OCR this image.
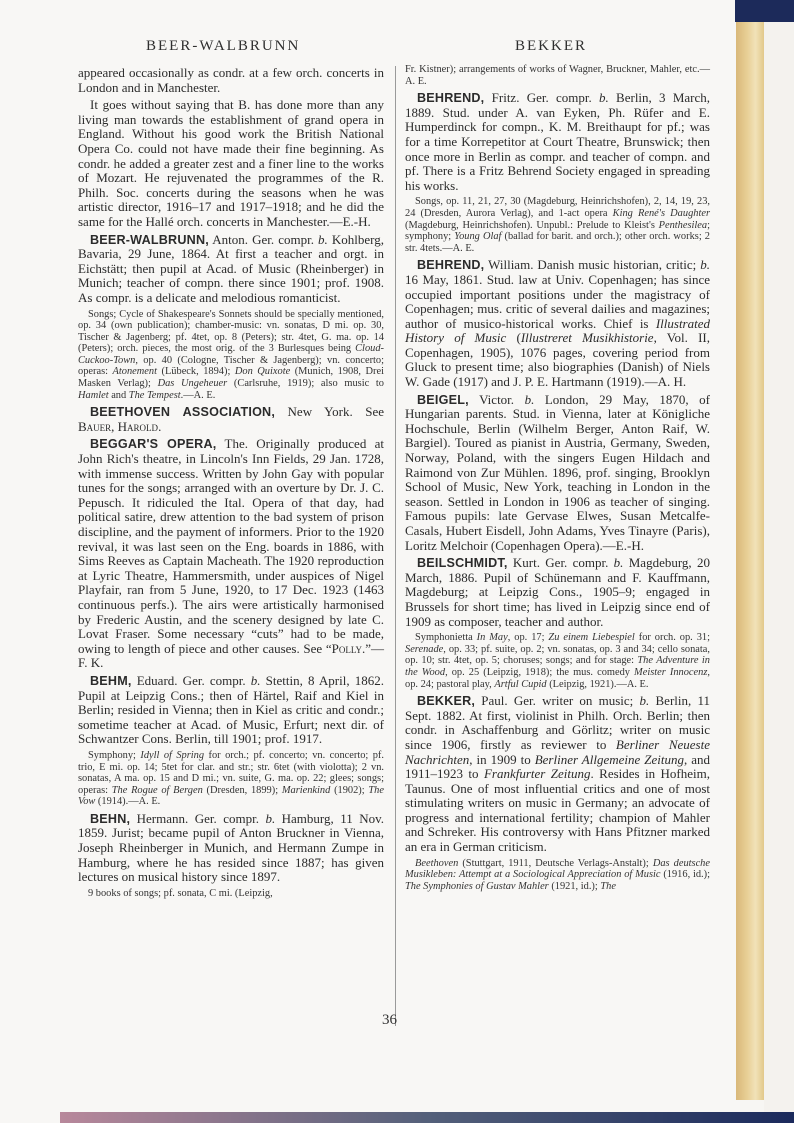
BEER-WALBRUNN	BEKKER

appeared occasionally as condr. at a few orch. concerts in London and in Manchester.

It goes without saying that B. has done more than any living man towards the establishment of grand opera in England. Without his good work the British National Opera Co. could not have made their fine beginning. As condr. he added a greater zest and a finer line to the works of Mozart. He rejuvenated the programmes of the R. Philh. Soc. concerts during the seasons when he was artistic director, 1916–17 and 1917–1918; and he did the same for the Hallé orch. concerts in Manchester.—E.-H.

BEER-WALBRUNN, Anton. Ger. compr. b. Kohlberg, Bavaria, 29 June, 1864. At first a teacher and orgt. in Eichstätt; then pupil at Acad. of Music (Rheinberger) in Munich; teacher of compn. there since 1901; prof. 1908. As compr. is a delicate and melodious romanticist.

Songs; Cycle of Shakespeare's Sonnets should be specially mentioned, op. 34 (own publication); chamber-music: vn. sonatas, D mi. op. 30, Tischer & Jagenberg; pf. 4tet, op. 8 (Peters); str. 4tet, G. ma. op. 14 (Peters); orch. pieces, the most orig. of the 3 Burlesques being Cloud-Cuckoo-Town, op. 40 (Cologne, Tischer & Jagenberg); vn. concerto; operas: Atonement (Lübeck, 1894); Don Quixote (Munich, 1908, Drei Masken Verlag); Das Ungeheuer (Carlsruhe, 1919); also music to Hamlet and The Tempest.—A. E.

BEETHOVEN ASSOCIATION, New York. See Bauer, Harold.

BEGGAR'S OPERA, The. Originally produced at John Rich's theatre, in Lincoln's Inn Fields, 29 Jan. 1728, with immense success. Written by John Gay with popular tunes for the songs; arranged with an overture by Dr. J. C. Pepusch. It ridiculed the Ital. Opera of that day, had political satire, drew attention to the bad system of prison discipline, and the payment of informers. Prior to the 1920 revival, it was last seen on the Eng. boards in 1886, with Sims Reeves as Captain Macheath. The 1920 reproduction at Lyric Theatre, Hammersmith, under auspices of Nigel Playfair, ran from 5 June, 1920, to 17 Dec. 1923 (1463 continuous perfs.). The airs were artistically harmonised by Frederic Austin, and the scenery designed by late C. Lovat Fraser. Some necessary “cuts” had to be made, owing to length of piece and other causes. See “Polly.”—F. K.

BEHM, Eduard. Ger. compr. b. Stettin, 8 April, 1862. Pupil at Leipzig Cons.; then of Härtel, Raif and Kiel in Berlin; resided in Vienna; then in Kiel as critic and condr.; sometime teacher at Acad. of Music, Erfurt; next dir. of Schwantzer Cons. Berlin, till 1901; prof. 1917.

Symphony; Idyll of Spring for orch.; pf. concerto; vn. concerto; pf. trio, E mi. op. 14; 5tet for clar. and str.; str. 6tet (with violotta); 2 vn. sonatas, A ma. op. 15 and D mi.; vn. suite, G. ma. op. 22; glees; songs; operas: The Rogue of Bergen (Dresden, 1899); Marienkind (1902); The Vow (1914).—A. E.

BEHN, Hermann. Ger. compr. b. Hamburg, 11 Nov. 1859. Jurist; became pupil of Anton Bruckner in Vienna, Joseph Rheinberger in Munich, and Hermann Zumpe in Hamburg, where he has resided since 1887; has given lectures on musical history since 1897.

9 books of songs; pf. sonata, C mi. (Leipzig,

Fr. Kistner); arrangements of works of Wagner, Bruckner, Mahler, etc.—A. E.

BEHREND, Fritz. Ger. compr. b. Berlin, 3 March, 1889. Stud. under A. van Eyken, Ph. Rüfer and E. Humperdinck for compn., K. M. Breithaupt for pf.; was for a time Korrepetitor at Court Theatre, Brunswick; then once more in Berlin as compr. and teacher of compn. and pf. There is a Fritz Behrend Society engaged in spreading his works.

Songs, op. 11, 21, 27, 30 (Magdeburg, Heinrichshofen), 2, 14, 19, 23, 24 (Dresden, Aurora Verlag), and 1-act opera King René's Daughter (Magdeburg, Heinrichshofen). Unpubl.: Prelude to Kleist's Penthesilea; symphony; Young Olaf (ballad for barit. and orch.); other orch. works; 2 str. 4tets.—A. E.

BEHREND, William. Danish music historian, critic; b. 16 May, 1861. Stud. law at Univ. Copenhagen; has since occupied important positions under the magistracy of Copenhagen; mus. critic of several dailies and magazines; author of musico-historical works. Chief is Illustrated History of Music (Illustreret Musikhistorie, Vol. II, Copenhagen, 1905), 1076 pages, covering period from Gluck to present time; also biographies (Danish) of Niels W. Gade (1917) and J. P. E. Hartmann (1919).—A. H.

BEIGEL, Victor. b. London, 29 May, 1870, of Hungarian parents. Stud. in Vienna, later at Königliche Hochschule, Berlin (Wilhelm Berger, Anton Raif, W. Bargiel). Toured as pianist in Austria, Germany, Sweden, Norway, Poland, with the singers Eugen Hildach and Raimond von Zur Mühlen. 1896, prof. singing, Brooklyn School of Music, New York, teaching in London in the season. Settled in London in 1906 as teacher of singing. Famous pupils: late Gervase Elwes, Susan Metcalfe-Casals, Hubert Eisdell, John Adams, Yves Tinayre (Paris), Loritz Melchoir (Copenhagen Opera).—E.-H.

BEILSCHMIDT, Kurt. Ger. compr. b. Magdeburg, 20 March, 1886. Pupil of Schünemann and F. Kauffmann, Magdeburg; at Leipzig Cons., 1905–9; engaged in Brussels for short time; has lived in Leipzig since end of 1909 as composer, teacher and author.

Symphonietta In May, op. 17; Zu einem Liebespiel for orch. op. 31; Serenade, op. 33; pf. suite, op. 2; vn. sonatas, op. 3 and 34; cello sonata, op. 10; str. 4tet, op. 5; choruses; songs; and for stage: The Adventure in the Wood, op. 25 (Leipzig, 1918); the mus. comedy Meister Innocenz, op. 24; pastoral play, Artful Cupid (Leipzig, 1921).—A. E.

BEKKER, Paul. Ger. writer on music; b. Berlin, 11 Sept. 1882. At first, violinist in Philh. Orch. Berlin; then condr. in Aschaffenburg and Görlitz; writer on music since 1906, firstly as reviewer to Berliner Neueste Nachrichten, in 1909 to Berliner Allgemeine Zeitung, and 1911–1923 to Frankfurter Zeitung. Resides in Hofheim, Taunus. One of most influential critics and one of most stimulating writers on music in Germany; an advocate of progress and international fertility; champion of Mahler and Schreker. His controversy with Hans Pfitzner marked an era in German criticism.

Beethoven (Stuttgart, 1911, Deutsche Verlags-Anstalt); Das deutsche Musikleben: Attempt at a Sociological Appreciation of Music (1916, id.); The Symphonies of Gustav Mahler (1921, id.); The

36
